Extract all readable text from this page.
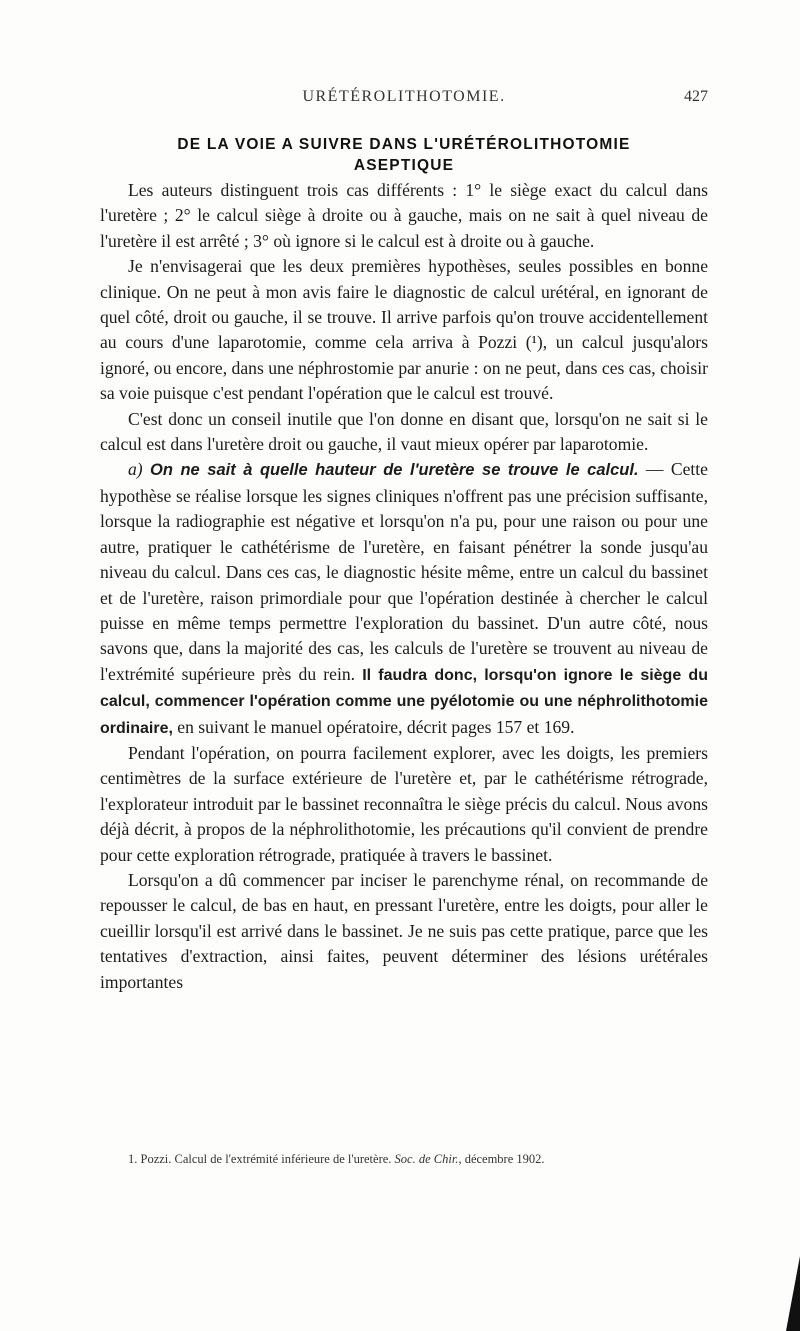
URÉTÉROLITHOTOMIE.	427
DE LA VOIE A SUIVRE DANS L'URÉTÉROLITHOTOMIE
ASEPTIQUE

Les auteurs distinguent trois cas différents : 1° le siège exact du calcul dans l'uretère ; 2° le calcul siège à droite ou à gauche, mais on ne sait à quel niveau de l'uretère il est arrêté ; 3° où ignore si le calcul est à droite ou à gauche.

Je n'envisagerai que les deux premières hypothèses, seules possibles en bonne clinique. On ne peut à mon avis faire le diagnostic de calcul urétéral, en ignorant de quel côté, droit ou gauche, il se trouve. Il arrive parfois qu'on trouve accidentellement au cours d'une laparotomie, comme cela arriva à Pozzi (¹), un calcul jusqu'alors ignoré, ou encore, dans une néphrostomie par anurie : on ne peut, dans ces cas, choisir sa voie puisque c'est pendant l'opération que le calcul est trouvé.

C'est donc un conseil inutile que l'on donne en disant que, lorsqu'on ne sait si le calcul est dans l'uretère droit ou gauche, il vaut mieux opérer par laparotomie.

a) On ne sait à quelle hauteur de l'uretère se trouve le calcul. — Cette hypothèse se réalise lorsque les signes cliniques n'offrent pas une précision suffisante, lorsque la radiographie est négative et lorsqu'on n'a pu, pour une raison ou pour une autre, pratiquer le cathétérisme de l'uretère, en faisant pénétrer la sonde jusqu'au niveau du calcul. Dans ces cas, le diagnostic hésite même, entre un calcul du bassinet et de l'uretère, raison primordiale pour que l'opération destinée à chercher le calcul puisse en même temps permettre l'exploration du bassinet. D'un autre côté, nous savons que, dans la majorité des cas, les calculs de l'uretère se trouvent au niveau de l'extrémité supérieure près du rein. Il faudra donc, lorsqu'on ignore le siège du calcul, commencer l'opération comme une pyélotomie ou une néphrolithotomie ordinaire, en suivant le manuel opératoire, décrit pages 157 et 169.

Pendant l'opération, on pourra facilement explorer, avec les doigts, les premiers centimètres de la surface extérieure de l'uretère et, par le cathétérisme rétrograde, l'explorateur introduit par le bassinet reconnaîtra le siège précis du calcul. Nous avons déjà décrit, à propos de la néphrolithotomie, les précautions qu'il convient de prendre pour cette exploration rétrograde, pratiquée à travers le bassinet.

Lorsqu'on a dû commencer par inciser le parenchyme rénal, on recommande de repousser le calcul, de bas en haut, en pressant l'uretère, entre les doigts, pour aller le cueillir lorsqu'il est arrivé dans le bassinet. Je ne suis pas cette pratique, parce que les tentatives d'extraction, ainsi faites, peuvent déterminer des lésions urétérales importantes

1. Pozzi. Calcul de l'extrémité inférieure de l'uretère. Soc. de Chir., décembre 1902.
